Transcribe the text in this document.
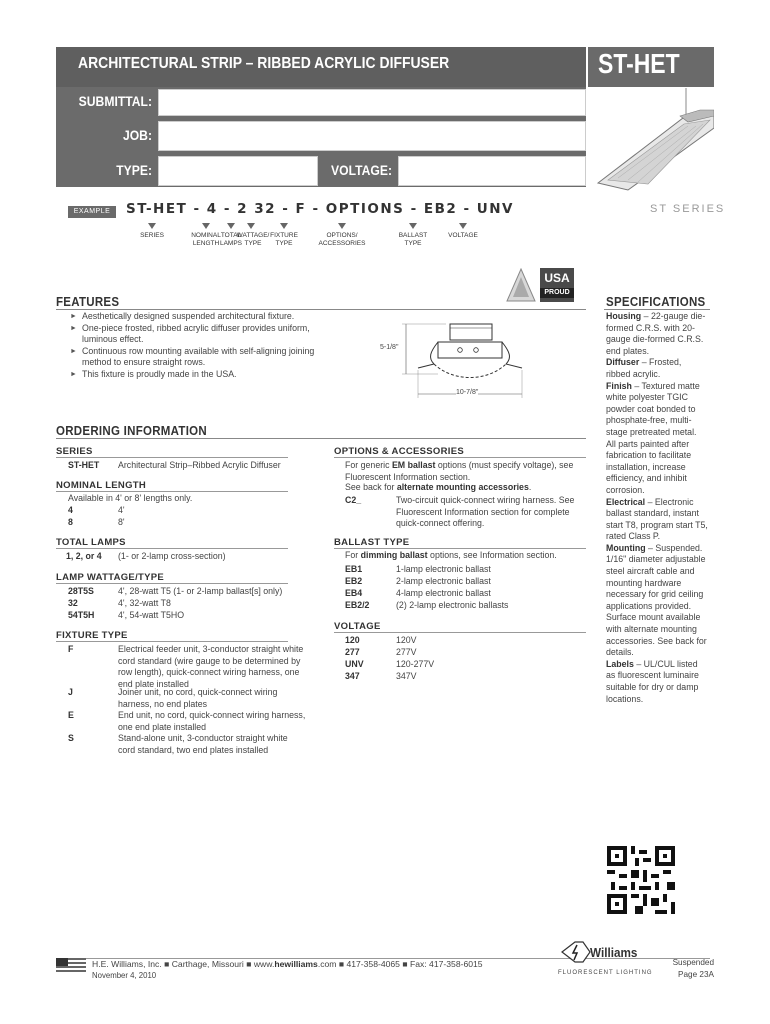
ARCHITECTURAL STRIP – RIBBED ACRYLIC DIFFUSER	ST-HET
ST SERIES
SUBMITTAL:
JOB:
TYPE:	VOLTAGE:
EXAMPLE	ST-HET - 4 - 2 32 - F - OPTIONS - EB2 - UNV
SERIES	NOMINAL
LENGTH
TOTAL
LAMPS
WATTAGE/
TYPE
FIXTURE
TYPE
OPTIONS/
ACCESSORIES
BALLAST
TYPE
VOLTAGE
USA
PROUD
FEATURES
► Aesthetically designed suspended architectural fixture.
► One-piece frosted, ribbed acrylic diffuser provides uniform, luminous effect.
► Continuous row mounting available with self-aligning joining method to ensure straight rows.
► This fixture is proudly made in the USA.
5-1/8"
10-7/8"
ORDERING INFORMATION
SERIES
ST-HET Architectural Strip–Ribbed Acrylic Diffuser
NOMINAL LENGTH
Available in 4' or 8' lengths only.
4	4'
8	8'
TOTAL LAMPS
1, 2, or 4 (1- or 2-lamp cross-section)
LAMP WATTAGE/TYPE
28T5S	4', 28-watt T5 (1- or 2-lamp ballast[s] only)
32	4', 32-watt T8
54T5H	4', 54-watt T5HO
FIXTURE TYPE
F	Electrical feeder unit, 3-conductor straight white cord standard (wire gauge to be determined by row length), quick-connect wiring harness, one end plate installed
J	Joiner unit, no cord, quick-connect wiring harness, no end plates
E	End unit, no cord, quick-connect wiring harness, one end plate installed
S	Stand-alone unit, 3-conductor straight white cord standard, two end plates installed
OPTIONS & ACCESSORIES
For generic EM ballast options (must specify voltage), see Fluorescent Information section.
See back for alternate mounting accessories.
C2_	Two-circuit quick-connect wiring harness. See Fluorescent Information section for complete quick-connect offering.
BALLAST TYPE
For dimming ballast options, see Information section.
EB1	1-lamp electronic ballast
EB2	2-lamp electronic ballast
EB4	4-lamp electronic ballast
EB2/2	(2) 2-lamp electronic ballasts
VOLTAGE
120	120V
277	277V
UNV	120-277V
347	347V
SPECIFICATIONS
Housing – 22-gauge die-formed C.R.S. with 20-gauge die-formed C.R.S. end plates.
Diffuser – Frosted, ribbed acrylic.
Finish – Textured matte white polyester TGIC powder coat bonded to phosphate-free, multi-stage pretreated metal. All parts painted after fabrication to facilitate installation, increase efficiency, and inhibit corrosion.
Electrical – Electronic ballast standard, instant start T8, program start T5, rated Class P.
Mounting – Suspended. 1/16" diameter adjustable steel aircraft cable and mounting hardware necessary for grid ceiling applications provided. Surface mount available with alternate mounting accessories. See back for details.
Labels – UL/CUL listed as fluorescent luminaire suitable for dry or damp locations.
H.E. Williams, Inc. ■ Carthage, Missouri ■ www.hewilliams.com ■ 417-358-4065 ■ Fax: 417-358-6015
November 4, 2010
Williams
FLUORESCENT LIGHTING
Suspended
Page 23A
